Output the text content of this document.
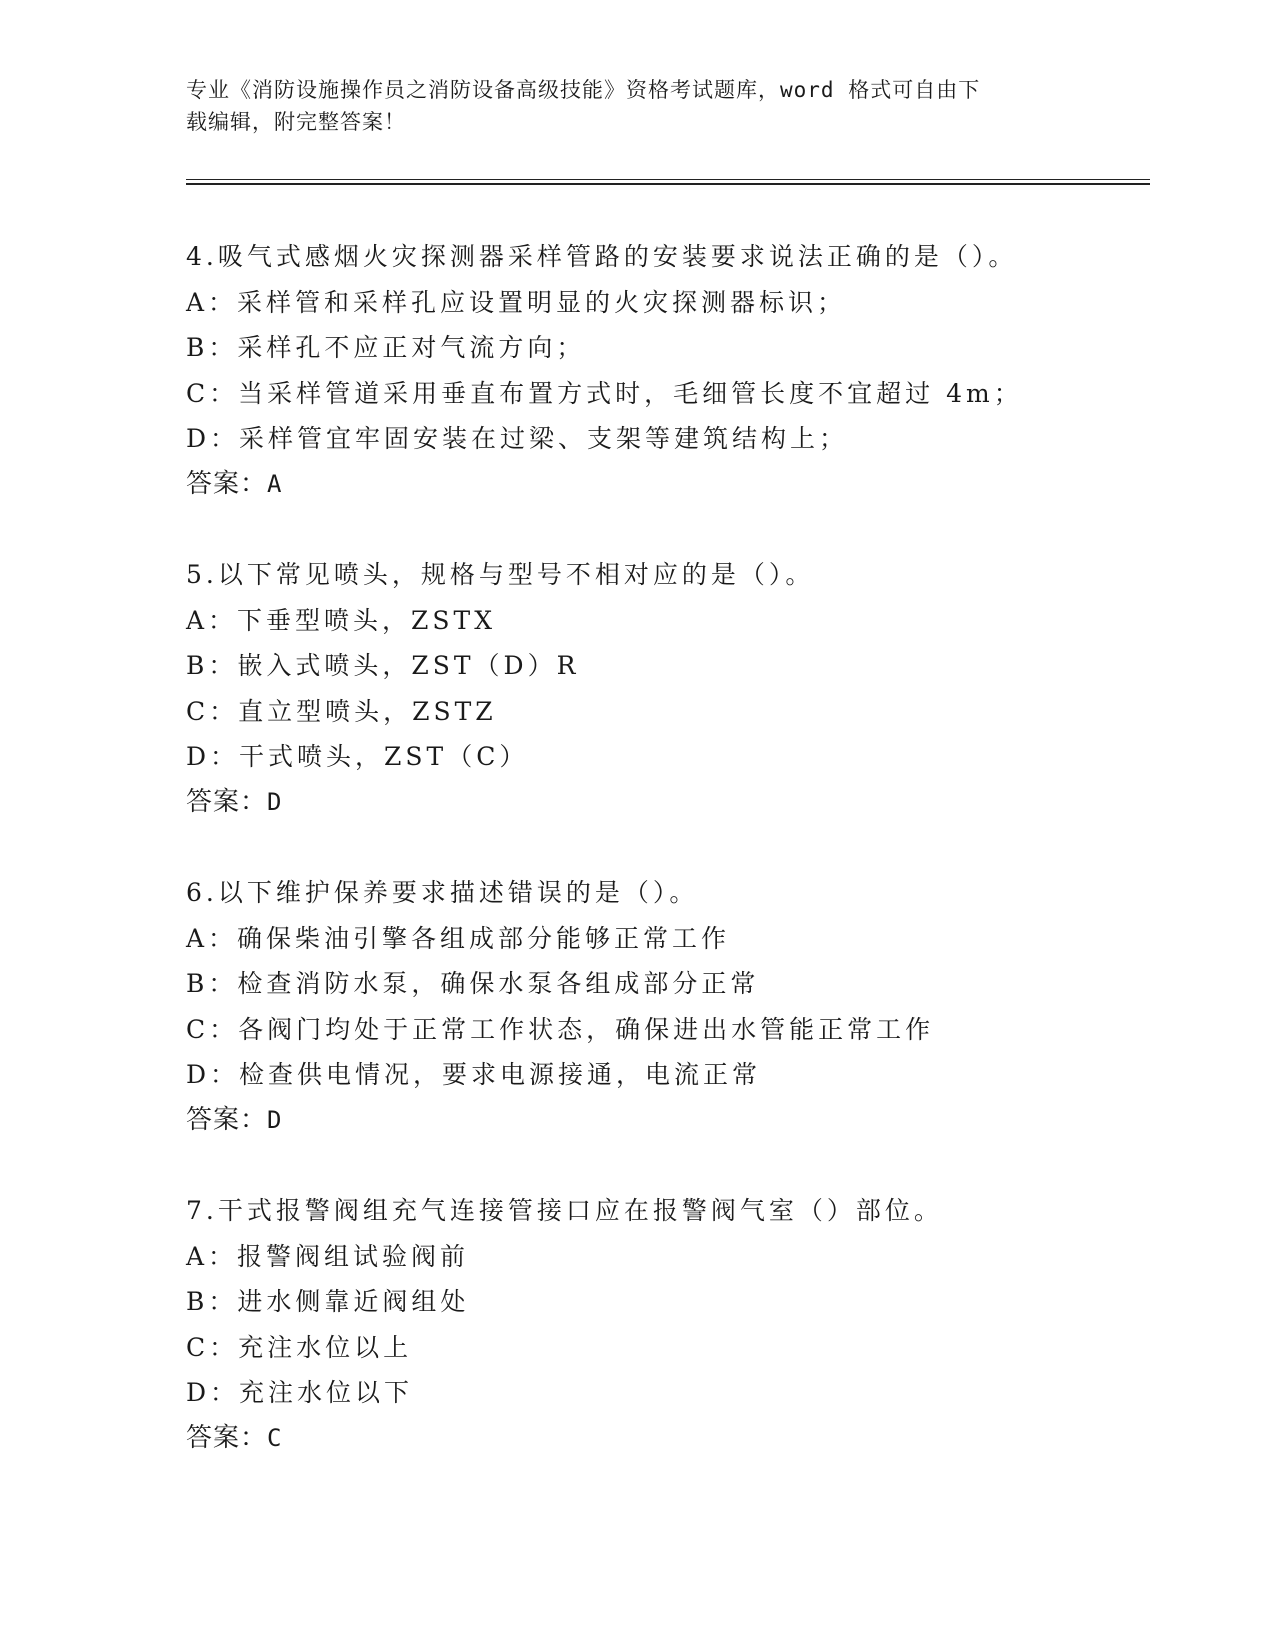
专业《消防设施操作员之消防设备高级技能》资格考试题库，word 格式可自由下
载编辑，附完整答案！
4.吸气式感烟火灾探测器采样管路的安装要求说法正确的是（）。
A：采样管和采样孔应设置明显的火灾探测器标识；
B：采样孔不应正对气流方向；
C：当采样管道采用垂直布置方式时，毛细管长度不宜超过 4m；
D：采样管宜牢固安装在过梁、支架等建筑结构上；
答案：A
5.以下常见喷头，规格与型号不相对应的是（）。
A：下垂型喷头，ZSTX
B：嵌入式喷头，ZST（D）R
C：直立型喷头，ZSTZ
D：干式喷头，ZST（C）
答案：D
6.以下维护保养要求描述错误的是（）。
A：确保柴油引擎各组成部分能够正常工作
B：检查消防水泵，确保水泵各组成部分正常
C：各阀门均处于正常工作状态，确保进出水管能正常工作
D：检查供电情况，要求电源接通，电流正常
答案：D
7.干式报警阀组充气连接管接口应在报警阀气室（）部位。
A：报警阀组试验阀前
B：进水侧靠近阀组处
C：充注水位以上
D：充注水位以下
答案：C
